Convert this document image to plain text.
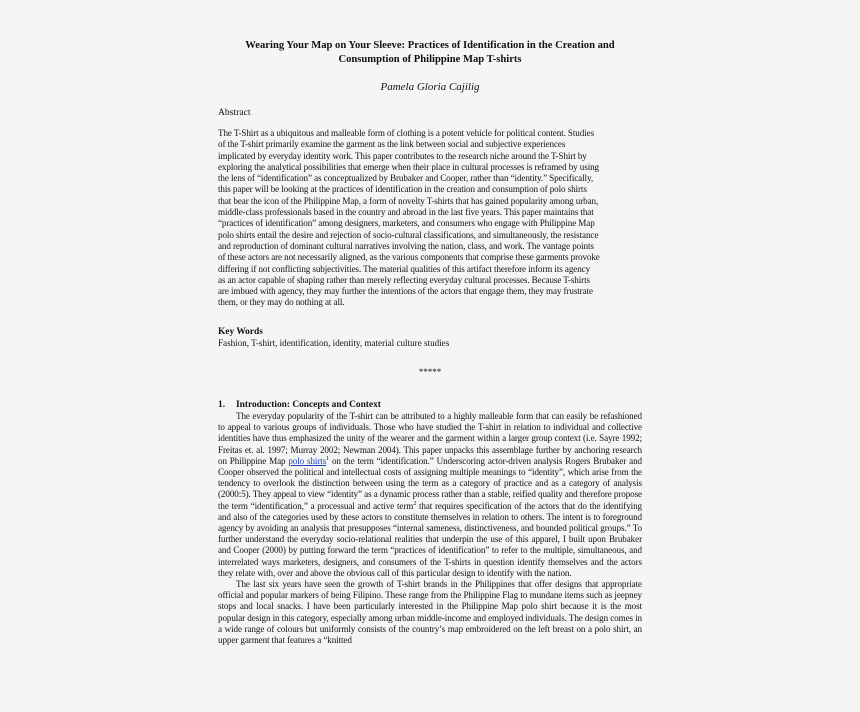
Wearing Your Map on Your Sleeve: Practices of Identification in the Creation and
Consumption of Philippine Map T-shirts
Pamela Gloria Cajilig
Abstract
The T-Shirt as a ubiquitous and malleable form of clothing is a potent vehicle for political content. Studies
of the T-shirt primarily examine the garment as the link between social and subjective experiences
implicated by everyday identity work. This paper contributes to the research niche around the T-Shirt by
exploring the analytical possibilities that emerge when their place in cultural processes is reframed by using
the lens of “identification” as conceptualized by Brubaker and Cooper, rather than “identity.” Specifically,
this paper will be looking at the practices of identification in the creation and consumption of polo shirts
that bear the icon of the Philippine Map, a form of novelty T-shirts that has gained popularity among urban,
middle-class professionals based in the country and abroad in the last five years. This paper maintains that
“practices of identification” among designers, marketers, and consumers who engage with Philippine Map
polo shirts entail the desire and rejection of socio-cultural classifications, and simultaneously, the resistance
and reproduction of dominant cultural narratives involving the nation, class, and work. The vantage points
of these actors are not necessarily aligned, as the various components that comprise these garments provoke
differing if not conflicting subjectivities. The material qualities of this artifact therefore inform its agency
as an actor capable of shaping rather than merely reflecting everyday cultural processes. Because T-shirts
are imbued with agency, they may further the intentions of the actors that engage them, they may frustrate
them, or they may do nothing at all.
Key Words
Fashion, T-shirt, identification, identity, material culture studies
*****
1. Introduction: Concepts and Context

The everyday popularity of the T-shirt can be attributed to a highly malleable form that can easily be refashioned to appeal to various groups of individuals. Those who have studied the T-shirt in relation to individual and collective identities have thus emphasized the unity of the wearer and the garment within a larger group context (i.e. Sayre 1992; Freitas et. al. 1997; Murray 2002; Newman 2004). This paper unpacks this assemblage further by anchoring research on Philippine Map polo shirts$^1$ on the term “identification.” Underscoring actor-driven analysis Rogers Brubaker and Cooper observed the political and intellectual costs of assigning multiple meanings to “identity”, which arise from the tendency to overlook the distinction between using the term as a category of practice and as a category of analysis (2000:5). They appeal to view “identity” as a dynamic process rather than a stable, reified quality and therefore propose the term “identification,” a processual and active term$^2$ that requires specification of the actors that do the identifying and also of the categories used by these actors to constitute themselves in relation to others. The intent is to foreground agency by avoiding an analysis that presupposes “internal sameness, distinctiveness, and bounded political groups.” To further understand the everyday socio-relational realities that underpin the use of this apparel, I built upon Brubaker and Cooper (2000) by putting forward the term “practices of identification” to refer to the multiple, simultaneous, and interrelated ways marketers, designers, and consumers of the T-shirts in question identify themselves and the actors they relate with, over and above the obvious call of this particular design to identify with the nation.

The last six years have seen the growth of T-shirt brands in the Philippines that offer designs that appropriate official and popular markers of being Filipino. These range from the Philippine Flag to mundane items such as jeepney stops and local snacks. I have been particularly interested in the Philippine Map polo shirt because it is the most popular design in this category, especially among urban middle-income and employed individuals. The design comes in a wide range of colours but uniformly consists of the country’s map embroidered on the left breast on a polo shirt, an upper garment that features a “knitted
